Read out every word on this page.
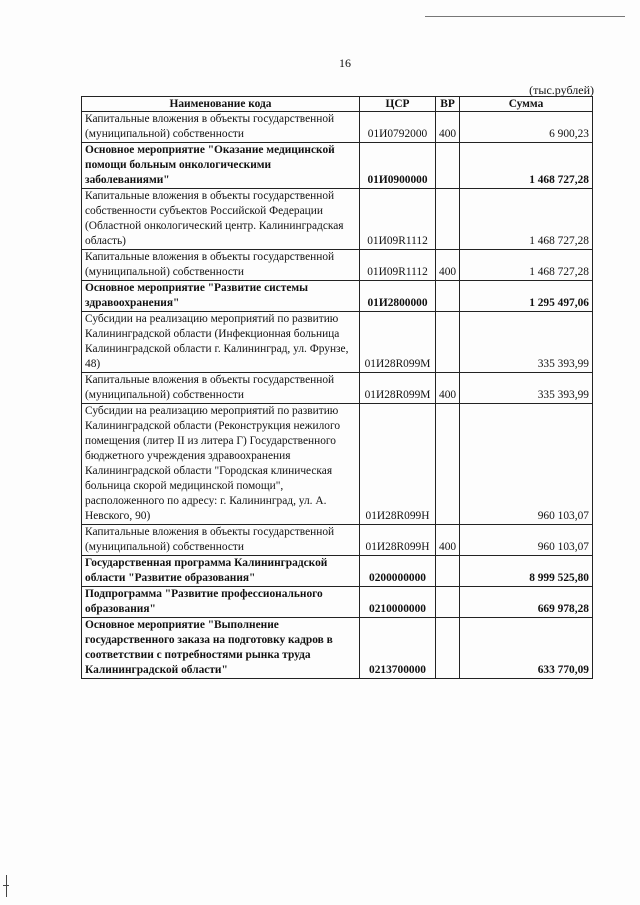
16
(тыс.рублей)
Наименование кода	ЦСР	ВР	Сумма
Капитальные вложения в объекты государственной (муниципальной) собственности	01И0792000	400	6 900,23
Основное мероприятие "Оказание медицинской помощи больным онкологическими заболеваниями"	01И0900000		1 468 727,28
Капитальные вложения в объекты государственной собственности субъектов Российской Федерации (Областной онкологический центр. Калининградская область)	01И09R1112		1 468 727,28
Капитальные вложения в объекты государственной (муниципальной) собственности	01И09R1112	400	1 468 727,28
Основное мероприятие "Развитие системы здравоохранения"	01И2800000		1 295 497,06
Субсидии на реализацию мероприятий по развитию Калининградской области (Инфекционная больница Калининградской области г. Калининград, ул. Фрунзе, 48)	01И28R099М		335 393,99
Капитальные вложения в объекты государственной (муниципальной) собственности	01И28R099М	400	335 393,99
Субсидии на реализацию мероприятий по развитию Калининградской области (Реконструкция нежилого помещения (литер II из литера Г) Государственного бюджетного учреждения здравоохранения Калининградской области "Городская клиническая больница скорой медицинской помощи", расположенного по адресу: г. Калининград, ул. А. Невского, 90)	01И28R099Н		960 103,07
Капитальные вложения в объекты государственной (муниципальной) собственности	01И28R099Н	400	960 103,07
Государственная программа Калининградской области "Развитие образования"	0200000000		8 999 525,80
Подпрограмма "Развитие профессионального образования"	0210000000		669 978,28
Основное мероприятие "Выполнение государственного заказа на подготовку кадров в соответствии с потребностями рынка труда Калининградской области"	0213700000		633 770,09
